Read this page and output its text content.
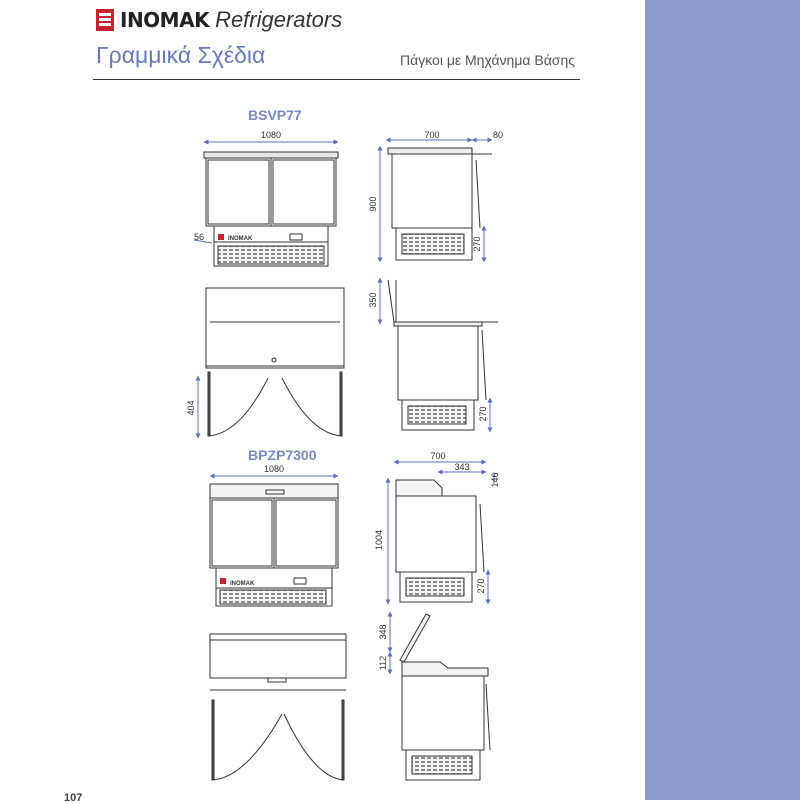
INOMAK Refrigerators
Γραμμικά Σχέδια	Πάγκοι με Μηχάνημα Βάσης
BSVP77
BPZP7300
1080
56	INOMAK
700	80
900
270
404
350
270
1080
INOMAK
700
343
146
1004
270
348
112
107
